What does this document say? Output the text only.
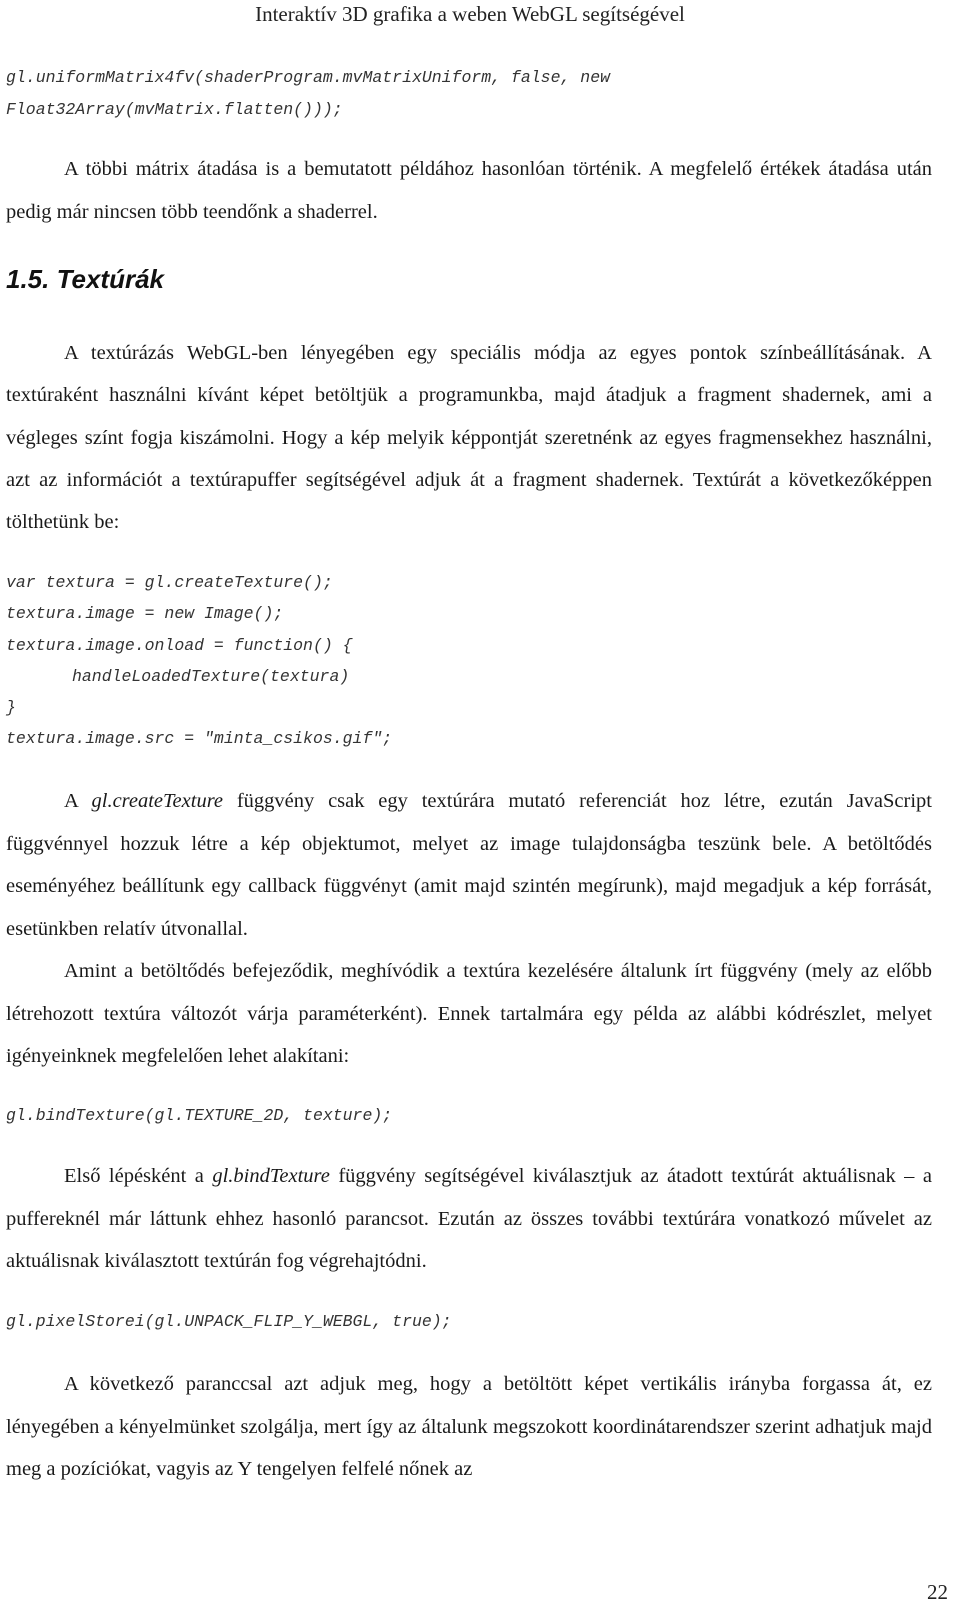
Interaktív 3D grafika a weben WebGL segítségével
gl.uniformMatrix4fv(shaderProgram.mvMatrixUniform, false, new
Float32Array(mvMatrix.flatten()));
A többi mátrix átadása is a bemutatott példához hasonlóan történik. A megfelelő értékek átadása után pedig már nincsen több teendőnk a shaderrel.
1.5. Textúrák
A textúrázás WebGL-ben lényegében egy speciális módja az egyes pontok színbeállításának. A textúraként használni kívánt képet betöltjük a programunkba, majd átadjuk a fragment shadernek, ami a végleges színt fogja kiszámolni. Hogy a kép melyik képpontját szeretnénk az egyes fragmensekhez használni, azt az információt a textúrapuffer segítségével adjuk át a fragment shadernek. Textúrát a következőképpen tölthetünk be:
var textura = gl.createTexture();
textura.image = new Image();
textura.image.onload = function() {
handleLoadedTexture(textura)
}
textura.image.src = "minta_csikos.gif";
A gl.createTexture függvény csak egy textúrára mutató referenciát hoz létre, ezután JavaScript függvénnyel hozzuk létre a kép objektumot, melyet az image tulajdonságba teszünk bele. A betöltődés eseményéhez beállítunk egy callback függvényt (amit majd szintén megírunk), majd megadjuk a kép forrását, esetünkben relatív útvonallal.
Amint a betöltődés befejeződik, meghívódik a textúra kezelésére általunk írt függvény (mely az előbb létrehozott textúra változót várja paraméterként). Ennek tartalmára egy példa az alábbi kódrészlet, melyet igényeinknek megfelelően lehet alakítani:
gl.bindTexture(gl.TEXTURE_2D, texture);
Első lépésként a gl.bindTexture függvény segítségével kiválasztjuk az átadott textúrát aktuálisnak – a puffereknél már láttunk ehhez hasonló parancsot. Ezután az összes további textúrára vonatkozó művelet az aktuálisnak kiválasztott textúrán fog végrehajtódni.
gl.pixelStorei(gl.UNPACK_FLIP_Y_WEBGL, true);
A következő paranccsal azt adjuk meg, hogy a betöltött képet vertikális irányba forgassa át, ez lényegében a kényelmünket szolgálja, mert így az általunk megszokott koordinátarendszer szerint adhatjuk majd meg a pozíciókat, vagyis az Y tengelyen felfelé nőnek az
22
